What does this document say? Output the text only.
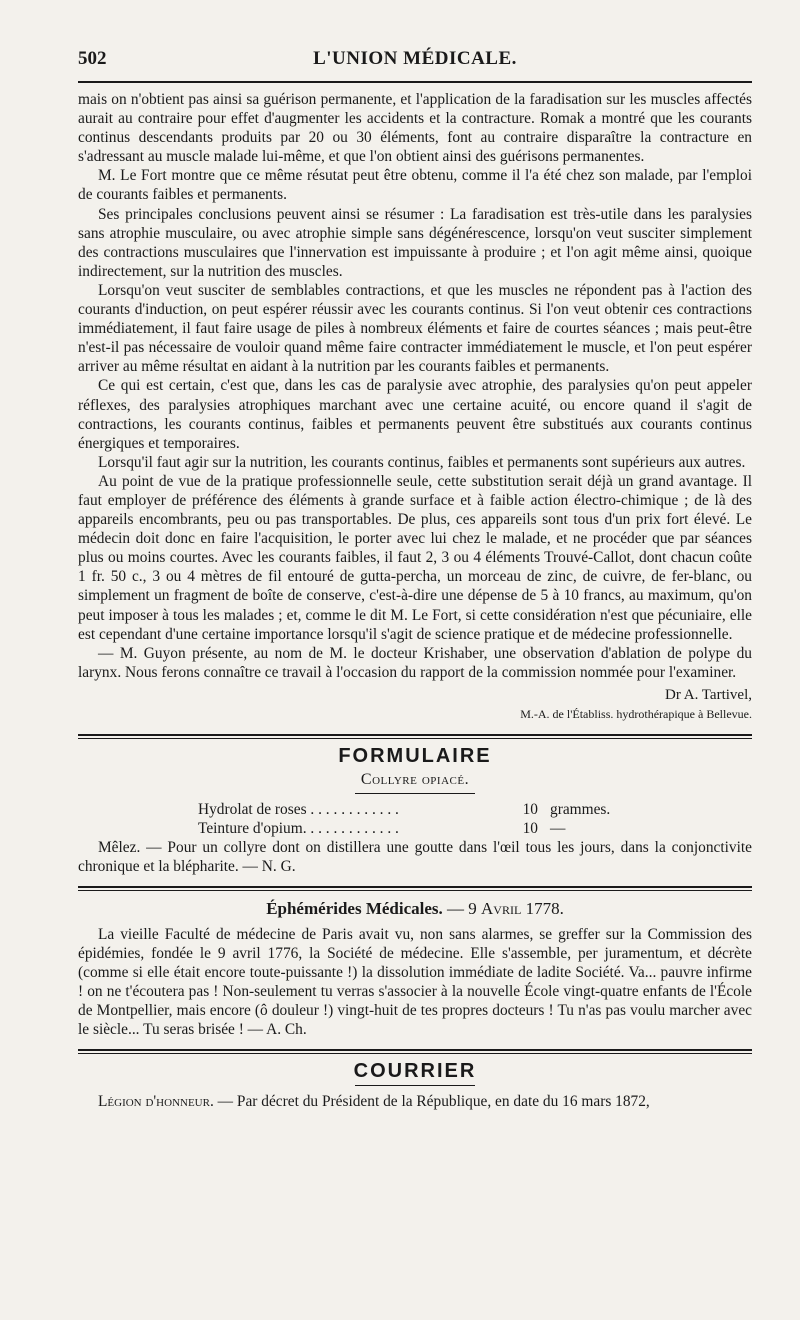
502	L'UNION MÉDICALE.

mais on n'obtient pas ainsi sa guérison permanente, et l'application de la faradisation sur les muscles affectés aurait au contraire pour effet d'augmenter les accidents et la contracture. Romak a montré que les courants continus descendants produits par 20 ou 30 éléments, font au contraire disparaître la contracture en s'adressant au muscle malade lui-même, et que l'on obtient ainsi des guérisons permanentes.

M. Le Fort montre que ce même résutat peut être obtenu, comme il l'a été chez son malade, par l'emploi de courants faibles et permanents.

Ses principales conclusions peuvent ainsi se résumer : La faradisation est très-utile dans les paralysies sans atrophie musculaire, ou avec atrophie simple sans dégénérescence, lorsqu'on veut susciter simplement des contractions musculaires que l'innervation est impuissante à produire ; et l'on agit même ainsi, quoique indirectement, sur la nutrition des muscles.

Lorsqu'on veut susciter de semblables contractions, et que les muscles ne répondent pas à l'action des courants d'induction, on peut espérer réussir avec les courants continus. Si l'on veut obtenir ces contractions immédiatement, il faut faire usage de piles à nombreux éléments et faire de courtes séances ; mais peut-être n'est-il pas nécessaire de vouloir quand même faire contracter immédiatement le muscle, et l'on peut espérer arriver au même résultat en aidant à la nutrition par les courants faibles et permanents.

Ce qui est certain, c'est que, dans les cas de paralysie avec atrophie, des paralysies qu'on peut appeler réflexes, des paralysies atrophiques marchant avec une certaine acuité, ou encore quand il s'agit de contractions, les courants continus, faibles et permanents peuvent être substitués aux courants continus énergiques et temporaires.

Lorsqu'il faut agir sur la nutrition, les courants continus, faibles et permanents sont supérieurs aux autres.

Au point de vue de la pratique professionnelle seule, cette substitution serait déjà un grand avantage. Il faut employer de préférence des éléments à grande surface et à faible action électro-chimique ; de là des appareils encombrants, peu ou pas transportables. De plus, ces appareils sont tous d'un prix fort élevé. Le médecin doit donc en faire l'acquisition, le porter avec lui chez le malade, et ne procéder que par séances plus ou moins courtes. Avec les courants faibles, il faut 2, 3 ou 4 éléments Trouvé-Callot, dont chacun coûte 1 fr. 50 c., 3 ou 4 mètres de fil entouré de gutta-percha, un morceau de zinc, de cuivre, de fer-blanc, ou simplement un fragment de boîte de conserve, c'est-à-dire une dépense de 5 à 10 francs, au maximum, qu'on peut imposer à tous les malades ; et, comme le dit M. Le Fort, si cette considération n'est que pécuniaire, elle est cependant d'une certaine importance lorsqu'il s'agit de science pratique et de médecine professionnelle.

— M. Guyon présente, au nom de M. le docteur Krishaber, une observation d'ablation de polype du larynx. Nous ferons connaître ce travail à l'occasion du rapport de la commission nommée pour l'examiner.

Dr A. Tartivel,
M.-A. de l'Établiss. hydrothérapique à Bellevue.
FORMULAIRE
Collyre opiacé.
Hydrolat de roses . . . . . . . . . . . .	10 grammes.
Teinture d'opium. . . . . . . . . . . . .	10 —

Mêlez. — Pour un collyre dont on distillera une goutte dans l'œil tous les jours, dans la conjonctivite chronique et la blépharite. — N. G.

Éphémérides Médicales. — 9 Avril 1778.

La vieille Faculté de médecine de Paris avait vu, non sans alarmes, se greffer sur la Commission des épidémies, fondée le 9 avril 1776, la Société de médecine. Elle s'assemble, per juramentum, et décrète (comme si elle était encore toute-puissante !) la dissolution immédiate de ladite Société. Va... pauvre infirme ! on ne t'écoutera pas ! Non-seulement tu verras s'associer à la nouvelle École vingt-quatre enfants de l'École de Montpellier, mais encore (ô douleur !) vingt-huit de tes propres docteurs ! Tu n'as pas voulu marcher avec le siècle... Tu seras brisée ! — A. Ch.

COURRIER

Légion d'honneur. — Par décret du Président de la République, en date du 16 mars 1872,
